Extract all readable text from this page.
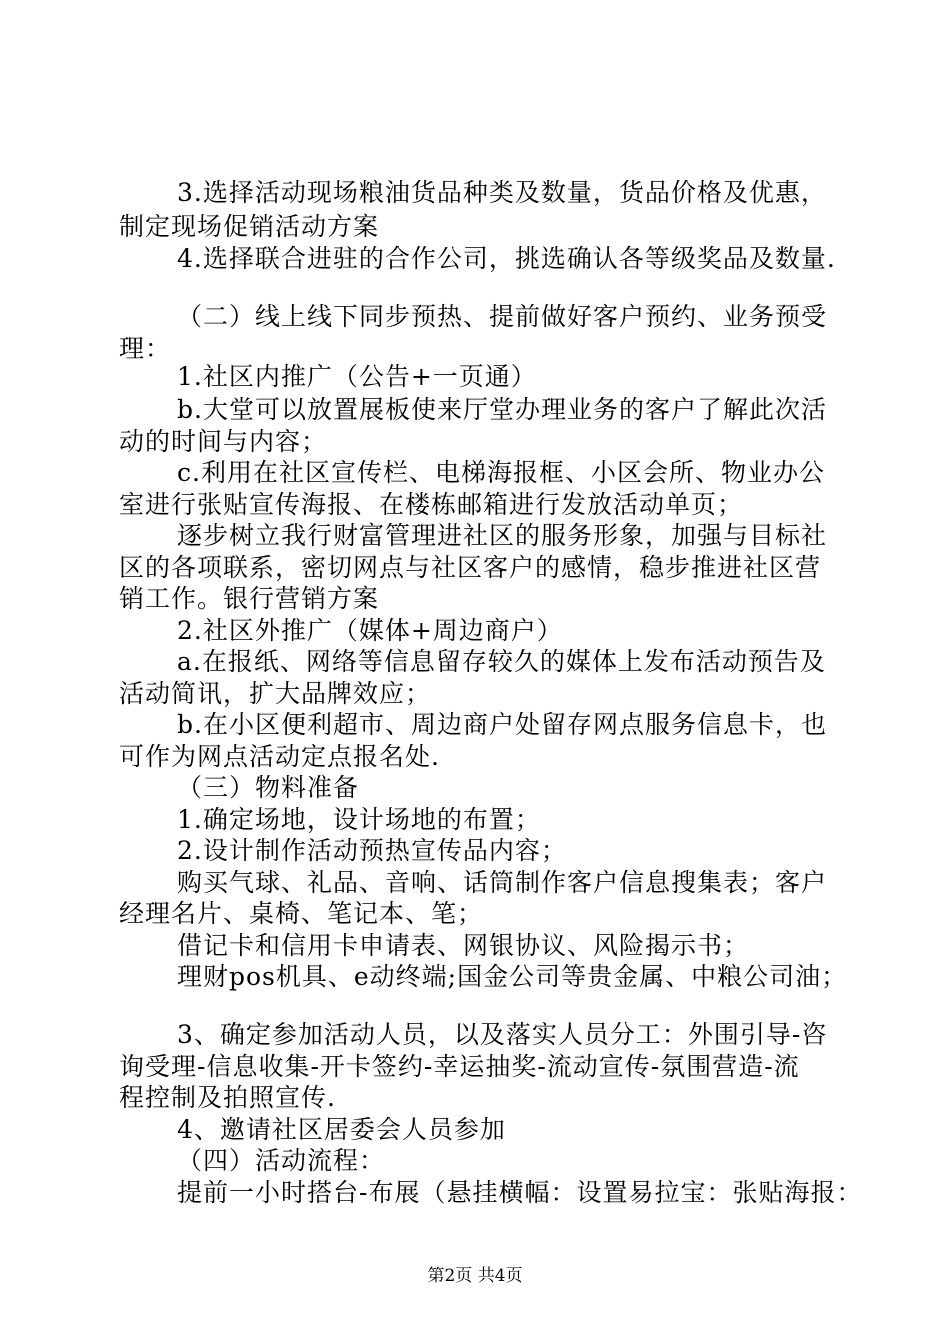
3.选择活动现场粮油货品种类及数量，货品价格及优惠，
制定现场促销活动方案
4.选择联合进驻的合作公司，挑选确认各等级奖品及数量.
（二）线上线下同步预热、提前做好客户预约、业务预受
理：
1.社区内推广（公告+一页通）
b.大堂可以放置展板使来厅堂办理业务的客户了解此次活
动的时间与内容；
c.利用在社区宣传栏、电梯海报框、小区会所、物业办公
室进行张贴宣传海报、在楼栋邮箱进行发放活动单页；
逐步树立我行财富管理进社区的服务形象，加强与目标社
区的各项联系，密切网点与社区客户的感情，稳步推进社区营
销工作。银行营销方案
2.社区外推广（媒体+周边商户）
a.在报纸、网络等信息留存较久的媒体上发布活动预告及
活动简讯，扩大品牌效应；
b.在小区便利超市、周边商户处留存网点服务信息卡，也
可作为网点活动定点报名处.
（三）物料准备
1.确定场地，设计场地的布置；
2.设计制作活动预热宣传品内容；
购买气球、礼品、音响、话筒制作客户信息搜集表；客户
经理名片、桌椅、笔记本、笔；
借记卡和信用卡申请表、网银协议、风险揭示书；
理财pos机具、e动终端;国金公司等贵金属、中粮公司油；
3、确定参加活动人员，以及落实人员分工：外围引导-咨
询受理-信息收集-开卡签约-幸运抽奖-流动宣传-氛围营造-流
程控制及拍照宣传.
4、邀请社区居委会人员参加
（四）活动流程：
提前一小时搭台-布展（悬挂横幅：设置易拉宝：张贴海报：
第2页 共4页
